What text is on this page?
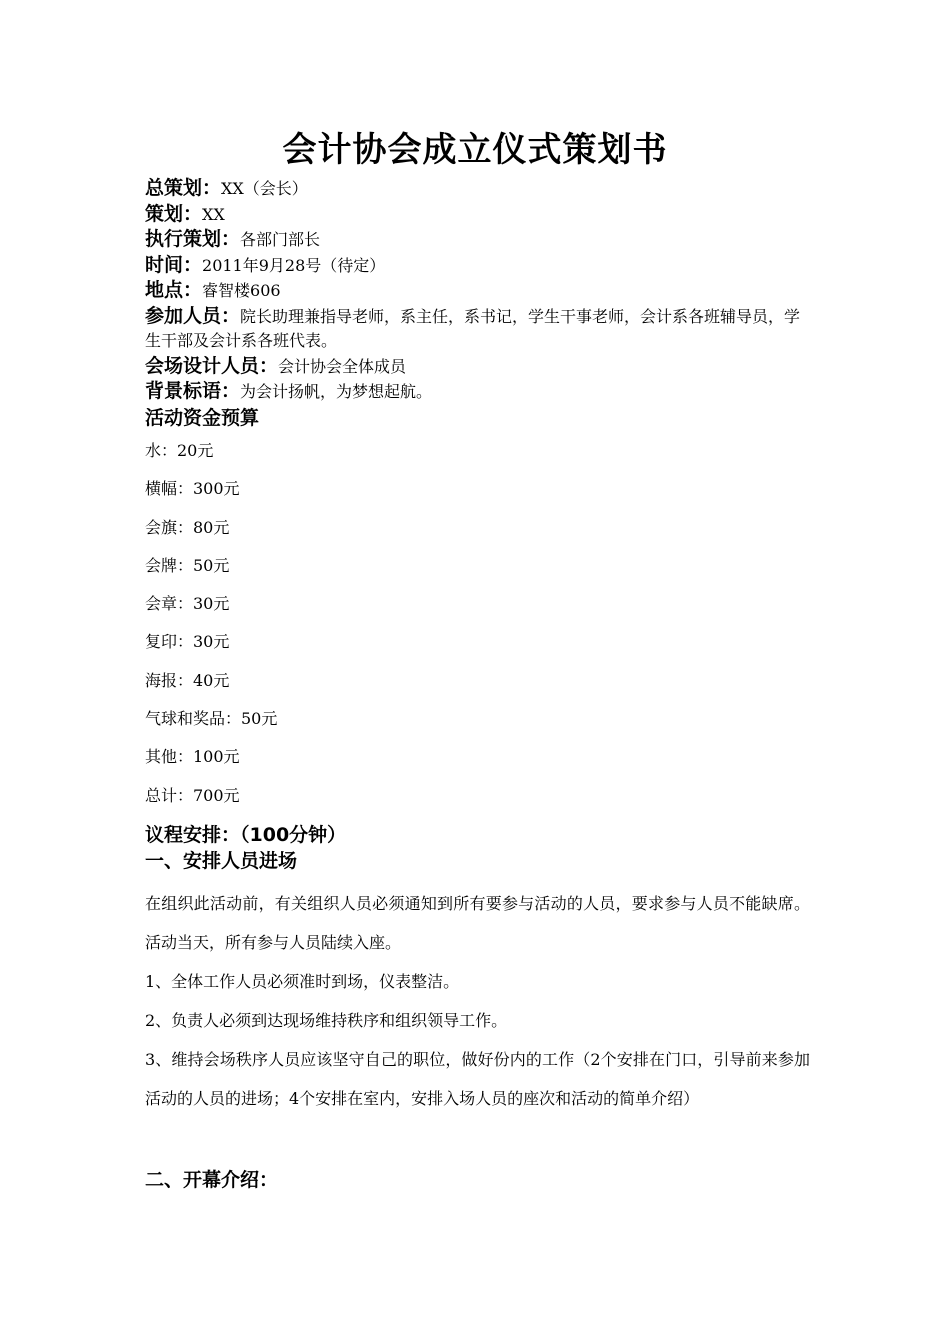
会计协会成立仪式策划书
总策划：XX（会长）
策划：XX
执行策划：各部门部长
时间：2011年9月28号（待定）
地点：睿智楼606
参加人员：院长助理兼指导老师，系主任，系书记，学生干事老师，会计系各班辅导员，学生干部及会计系各班代表。
会场设计人员：会计协会全体成员
背景标语：为会计扬帆，为梦想起航。
活动资金预算
水：20元
横幅：300元
会旗：80元
会牌：50元
会章：30元
复印：30元
海报：40元
气球和奖品：50元
其他：100元
总计：700元
议程安排：（100分钟）
一、安排人员进场

在组织此活动前，有关组织人员必须通知到所有要参与活动的人员，要求参与人员不能缺席。活动当天，所有参与人员陆续入座。

1、全体工作人员必须准时到场，仪表整洁。

2、负责人必须到达现场维持秩序和组织领导工作。

3、维持会场秩序人员应该坚守自己的职位，做好份内的工作（2个安排在门口，引导前来参加活动的人员的进场；4个安排在室内，安排入场人员的座次和活动的简单介绍）

二、开幕介绍：
